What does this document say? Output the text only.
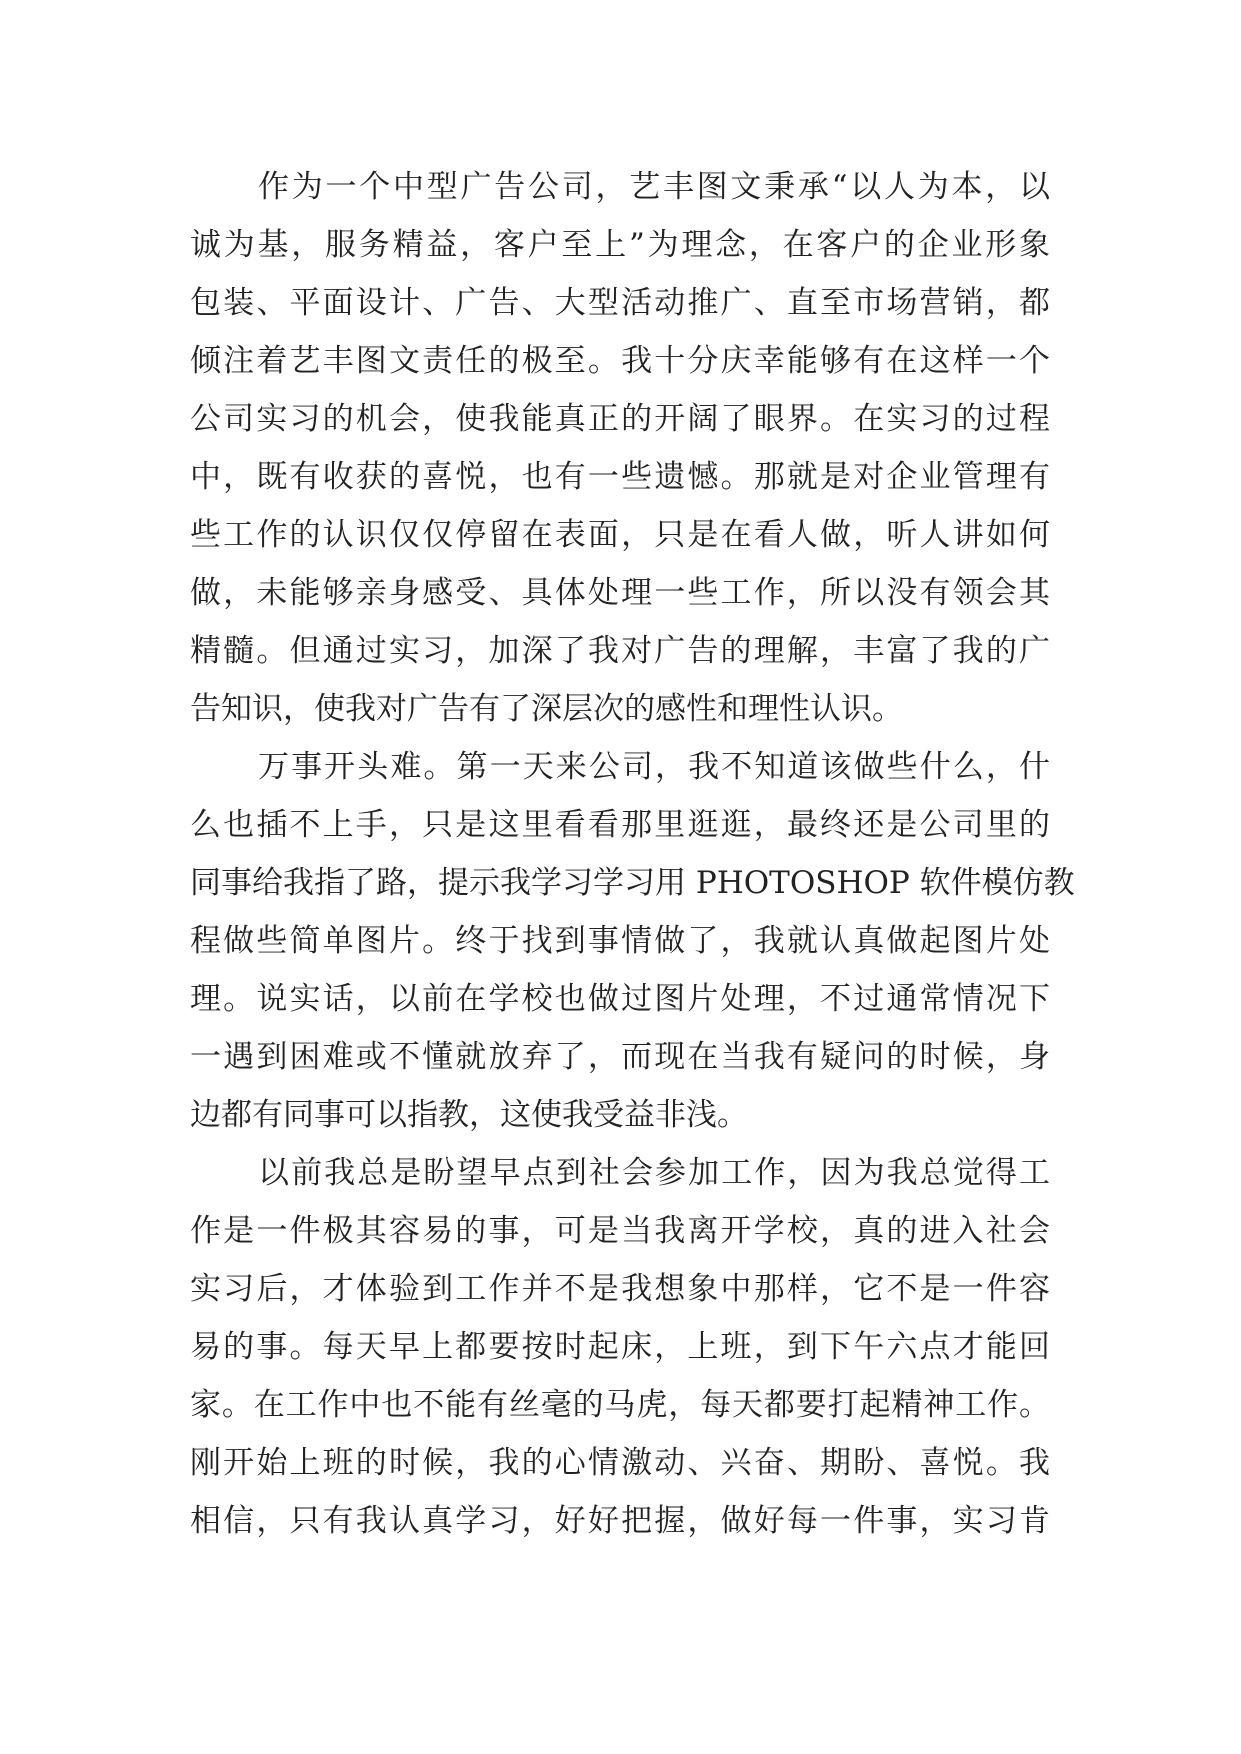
作为一个中型广告公司，艺丰图文秉承“以人为本，以
诚为基，服务精益，客户至上”为理念，在客户的企业形象
包装、平面设计、广告、大型活动推广、直至市场营销，都
倾注着艺丰图文责任的极至。我十分庆幸能够有在这样一个
公司实习的机会，使我能真正的开阔了眼界。在实习的过程
中，既有收获的喜悦，也有一些遗憾。那就是对企业管理有
些工作的认识仅仅停留在表面，只是在看人做，听人讲如何
做，未能够亲身感受、具体处理一些工作，所以没有领会其
精髓。但通过实习，加深了我对广告的理解，丰富了我的广
告知识，使我对广告有了深层次的感性和理性认识。
万事开头难。第一天来公司，我不知道该做些什么，什
么也插不上手，只是这里看看那里逛逛，最终还是公司里的
同事给我指了路，提示我学习学习用 PHOTOSHOP 软件模仿教
程做些简单图片。终于找到事情做了，我就认真做起图片处
理。说实话，以前在学校也做过图片处理，不过通常情况下
一遇到困难或不懂就放弃了，而现在当我有疑问的时候，身
边都有同事可以指教，这使我受益非浅。
以前我总是盼望早点到社会参加工作，因为我总觉得工
作是一件极其容易的事，可是当我离开学校，真的进入社会
实习后，才体验到工作并不是我想象中那样，它不是一件容
易的事。每天早上都要按时起床，上班，到下午六点才能回
家。在工作中也不能有丝毫的马虎，每天都要打起精神工作。
刚开始上班的时候，我的心情激动、兴奋、期盼、喜悦。我
相信，只有我认真学习，好好把握，做好每一件事，实习肯
